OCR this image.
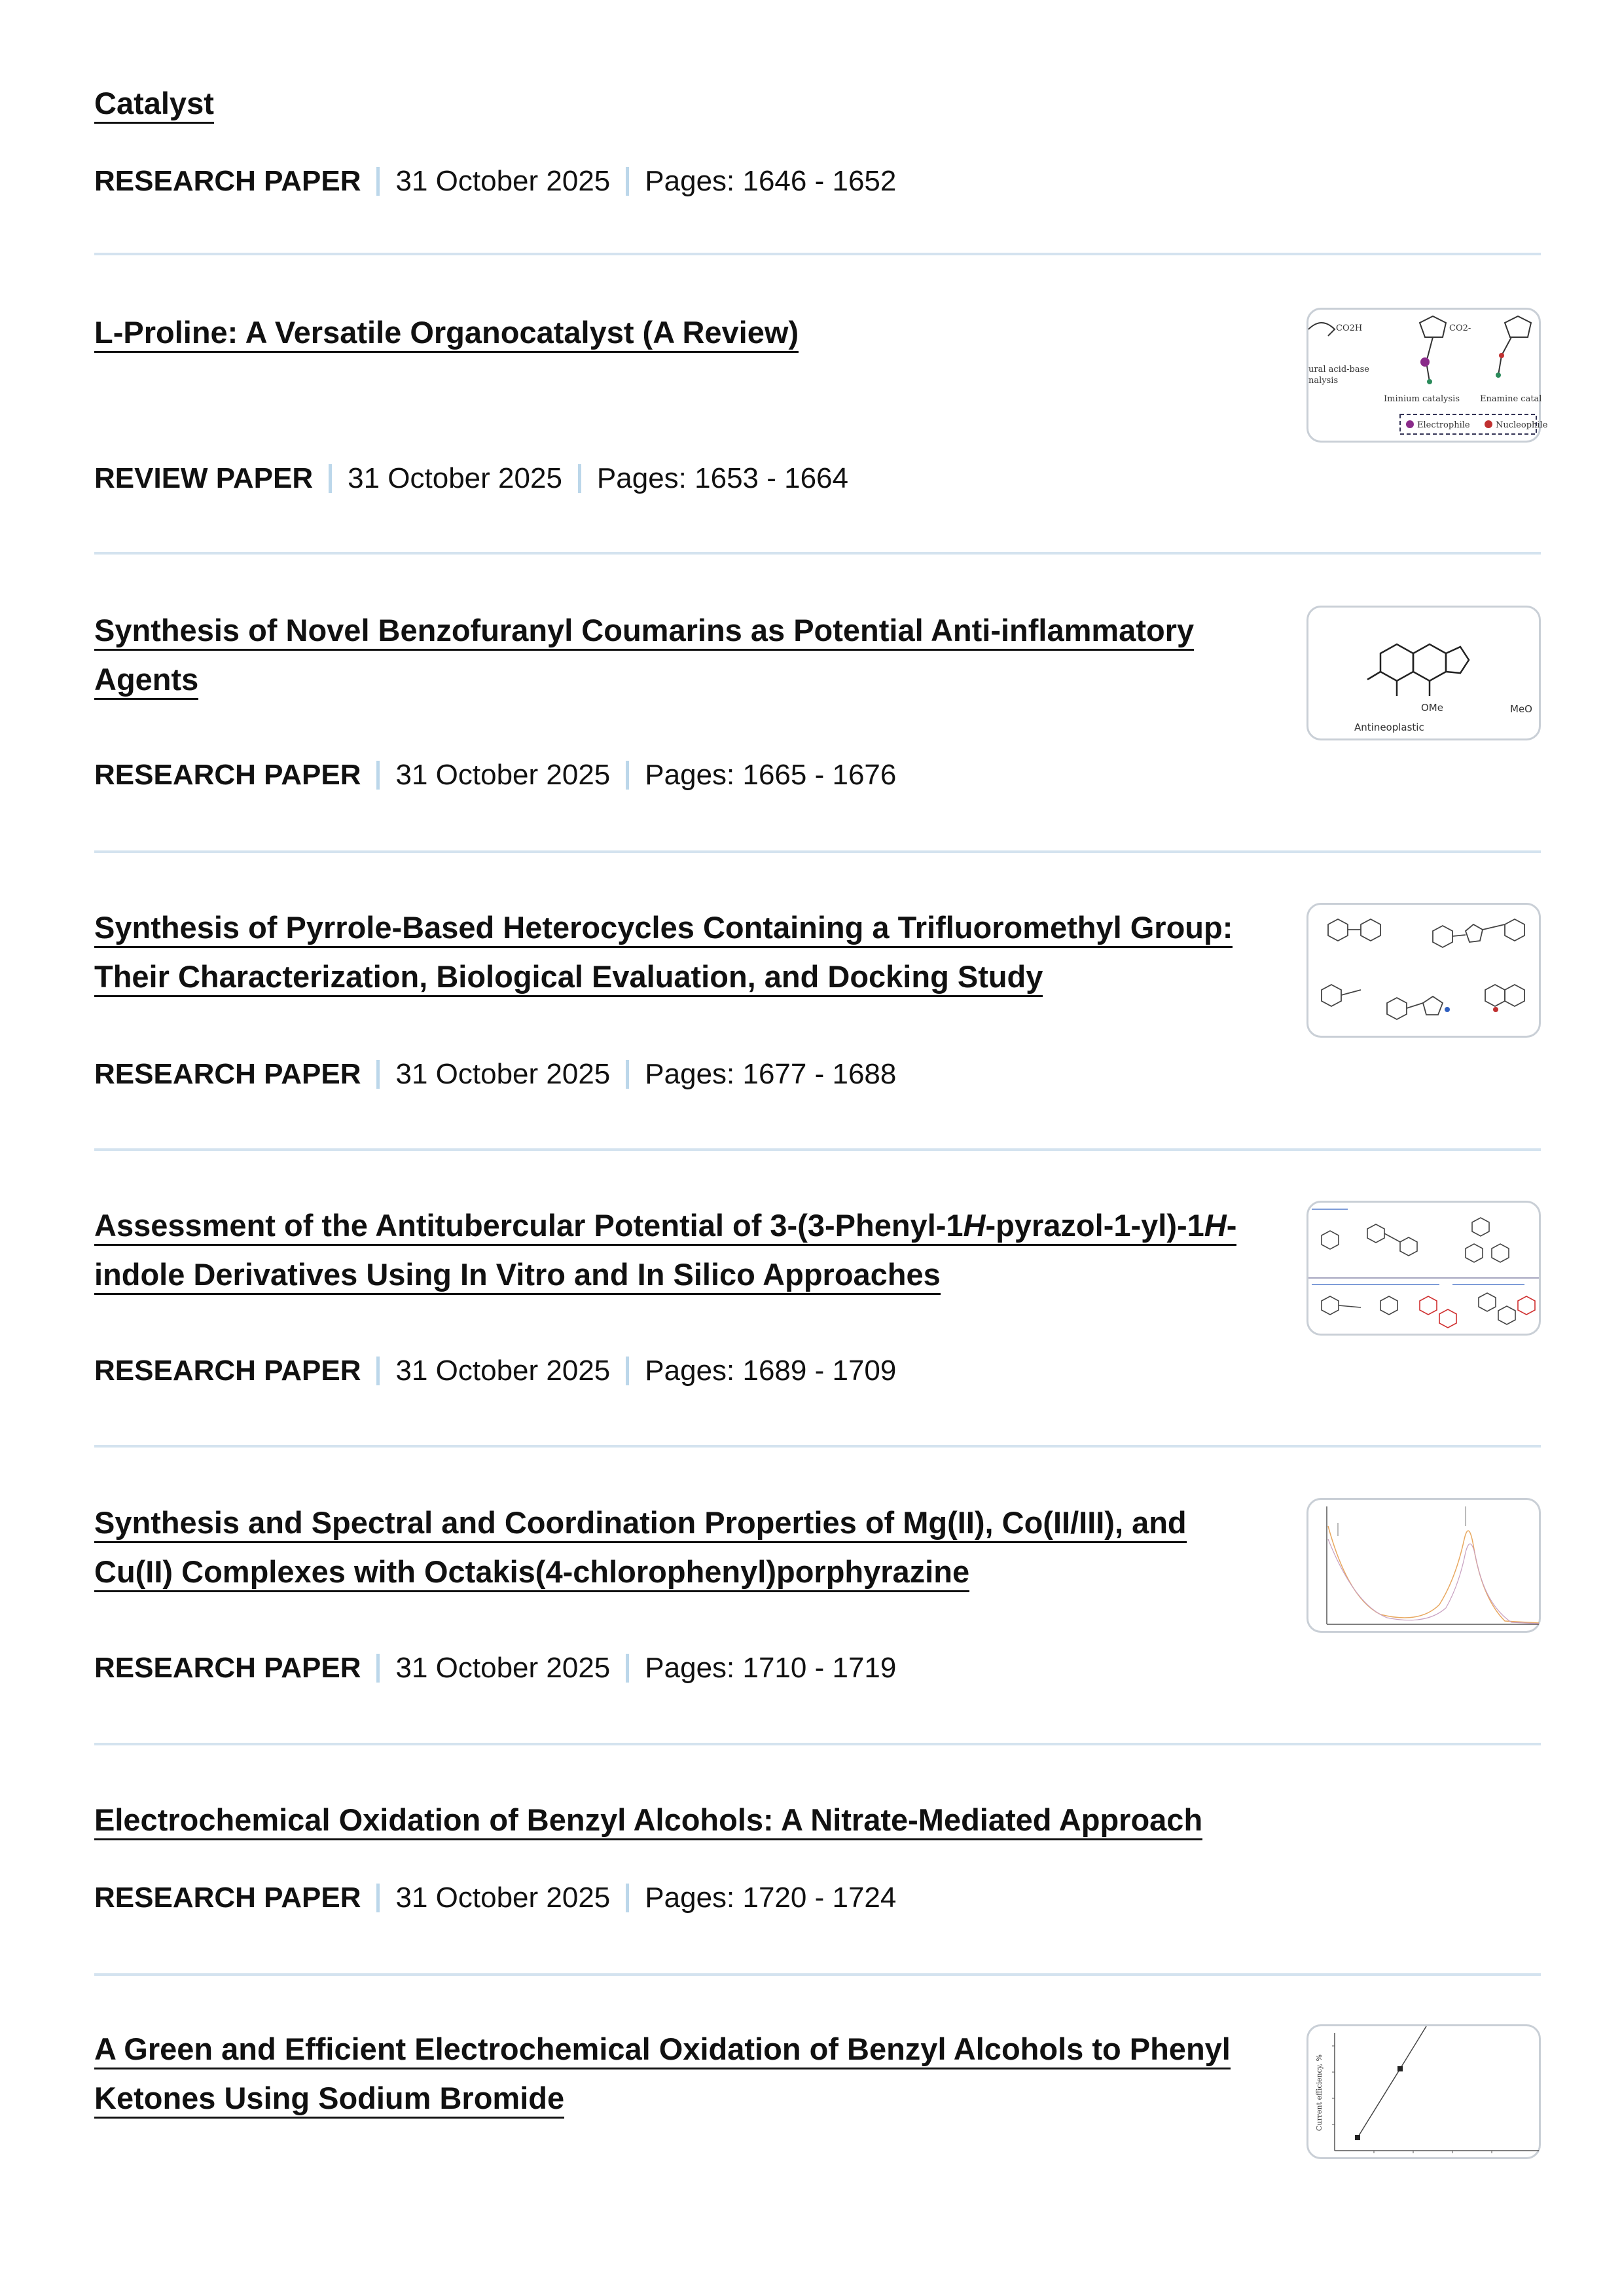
Catalyst
RESEARCH PAPER 31 October 2025 Pages: 1646 - 1652
L-Proline: A Versatile Organocatalyst (A Review)
REVIEW PAPER 31 October 2025 Pages: 1653 - 1664
CO2H	CO2-
ural acid-base
nalysis
Iminium catalysis Enamine catal
Electrophile	Nucleophile
Synthesis of Novel Benzofuranyl Coumarins as Potential Anti-inflammatory Agents
RESEARCH PAPER 31 October 2025 Pages: 1665 - 1676
OMe
Antineoplastic
MeO
Synthesis of Pyrrole-Based Heterocycles Containing a Trifluoromethyl Group: Their Characterization, Biological Evaluation, and Docking Study
RESEARCH PAPER 31 October 2025 Pages: 1677 - 1688
Assessment of the Antitubercular Potential of 3-(3-Phenyl-1H-pyrazol-1-yl)-1H-indole Derivatives Using In Vitro and In Silico Approaches
RESEARCH PAPER 31 October 2025 Pages: 1689 - 1709
Synthesis and Spectral and Coordination Properties of Mg(II), Co(II/III), and Cu(II) Complexes with Octakis(4-chlorophenyl)porphyrazine
RESEARCH PAPER 31 October 2025 Pages: 1710 - 1719
Electrochemical Oxidation of Benzyl Alcohols: A Nitrate-Mediated Approach
RESEARCH PAPER 31 October 2025 Pages: 1720 - 1724
A Green and Efficient Electrochemical Oxidation of Benzyl Alcohols to Phenyl Ketones Using Sodium Bromide	Current efficiency, %
